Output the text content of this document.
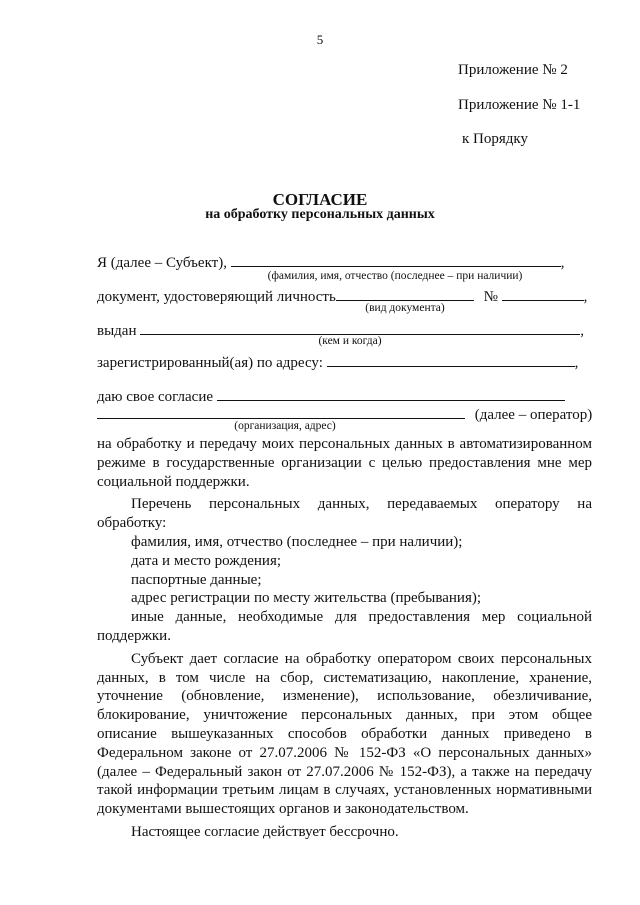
5
Приложение № 2
Приложение № 1-1
к Порядку
СОГЛАСИЕ
на обработку персональных данных
Я (далее – Субъект),	,
(фамилия, имя, отчество (последнее – при наличии)
документ, удостоверяющий личность	№	,
(вид документа)
выдан	,
(кем и когда)
зарегистрированный(ая) по адресу:	,
даю свое согласие
(далее – оператор)
(организация, адрес)

на обработку и передачу моих персональных данных в автоматизированном режиме в государственные организации с целью предоставления мне мер социальной поддержки.

Перечень персональных данных, передаваемых оператору на обработку:

фамилия, имя, отчество (последнее – при наличии);

дата и место рождения;

паспортные данные;

адрес регистрации по месту жительства (пребывания);

иные данные, необходимые для предоставления мер социальной поддержки.

Субъект дает согласие на обработку оператором своих персональных данных, в том числе на сбор, систематизацию, накопление, хранение, уточнение (обновление, изменение), использование, обезличивание, блокирование, уничтожение персональных данных, при этом общее описание вышеуказанных способов обработки данных приведено в Федеральном законе от 27.07.2006 № 152-ФЗ «О персональных данных» (далее – Федеральный закон от 27.07.2006 № 152-ФЗ), а также на передачу такой информации третьим лицам в случаях, установленных нормативными документами вышестоящих органов и законодательством.

Настоящее согласие действует бессрочно.
